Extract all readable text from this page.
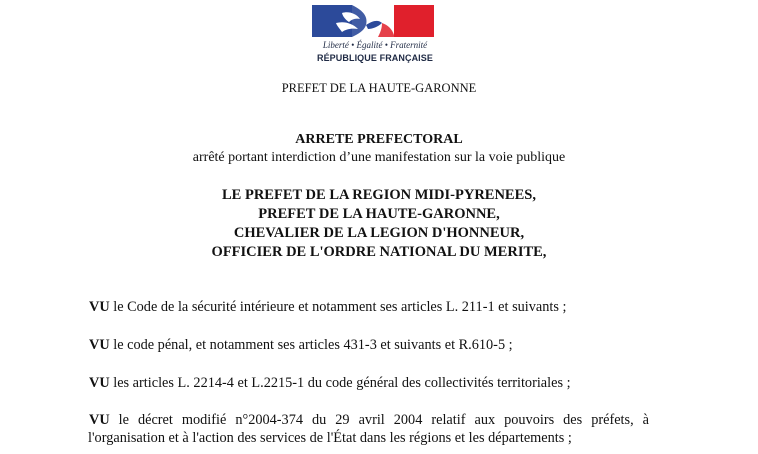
Liberté • Égalité • Fraternité
RÉPUBLIQUE FRANÇAISE
PREFET DE LA HAUTE-GARONNE
ARRETE PREFECTORAL
arrêté portant interdiction d’une manifestation sur la voie publique
LE PREFET DE LA REGION MIDI-PYRENEES,
PREFET DE LA HAUTE-GARONNE,
CHEVALIER DE LA LEGION D'HONNEUR,
OFFICIER DE L'ORDRE NATIONAL DU MERITE,
VU le Code de la sécurité intérieure et notamment ses articles L. 211-1 et suivants ;
VU le code pénal, et notamment ses articles 431-3 et suivants et R.610-5 ;
VU les articles L. 2214-4 et L.2215-1 du code général des collectivités territoriales ;
VU le décret modifié n°2004-374 du 29 avril 2004 relatif aux pouvoirs des préfets, à
l'organisation et à l'action des services de l'État dans les régions et les départements ;
